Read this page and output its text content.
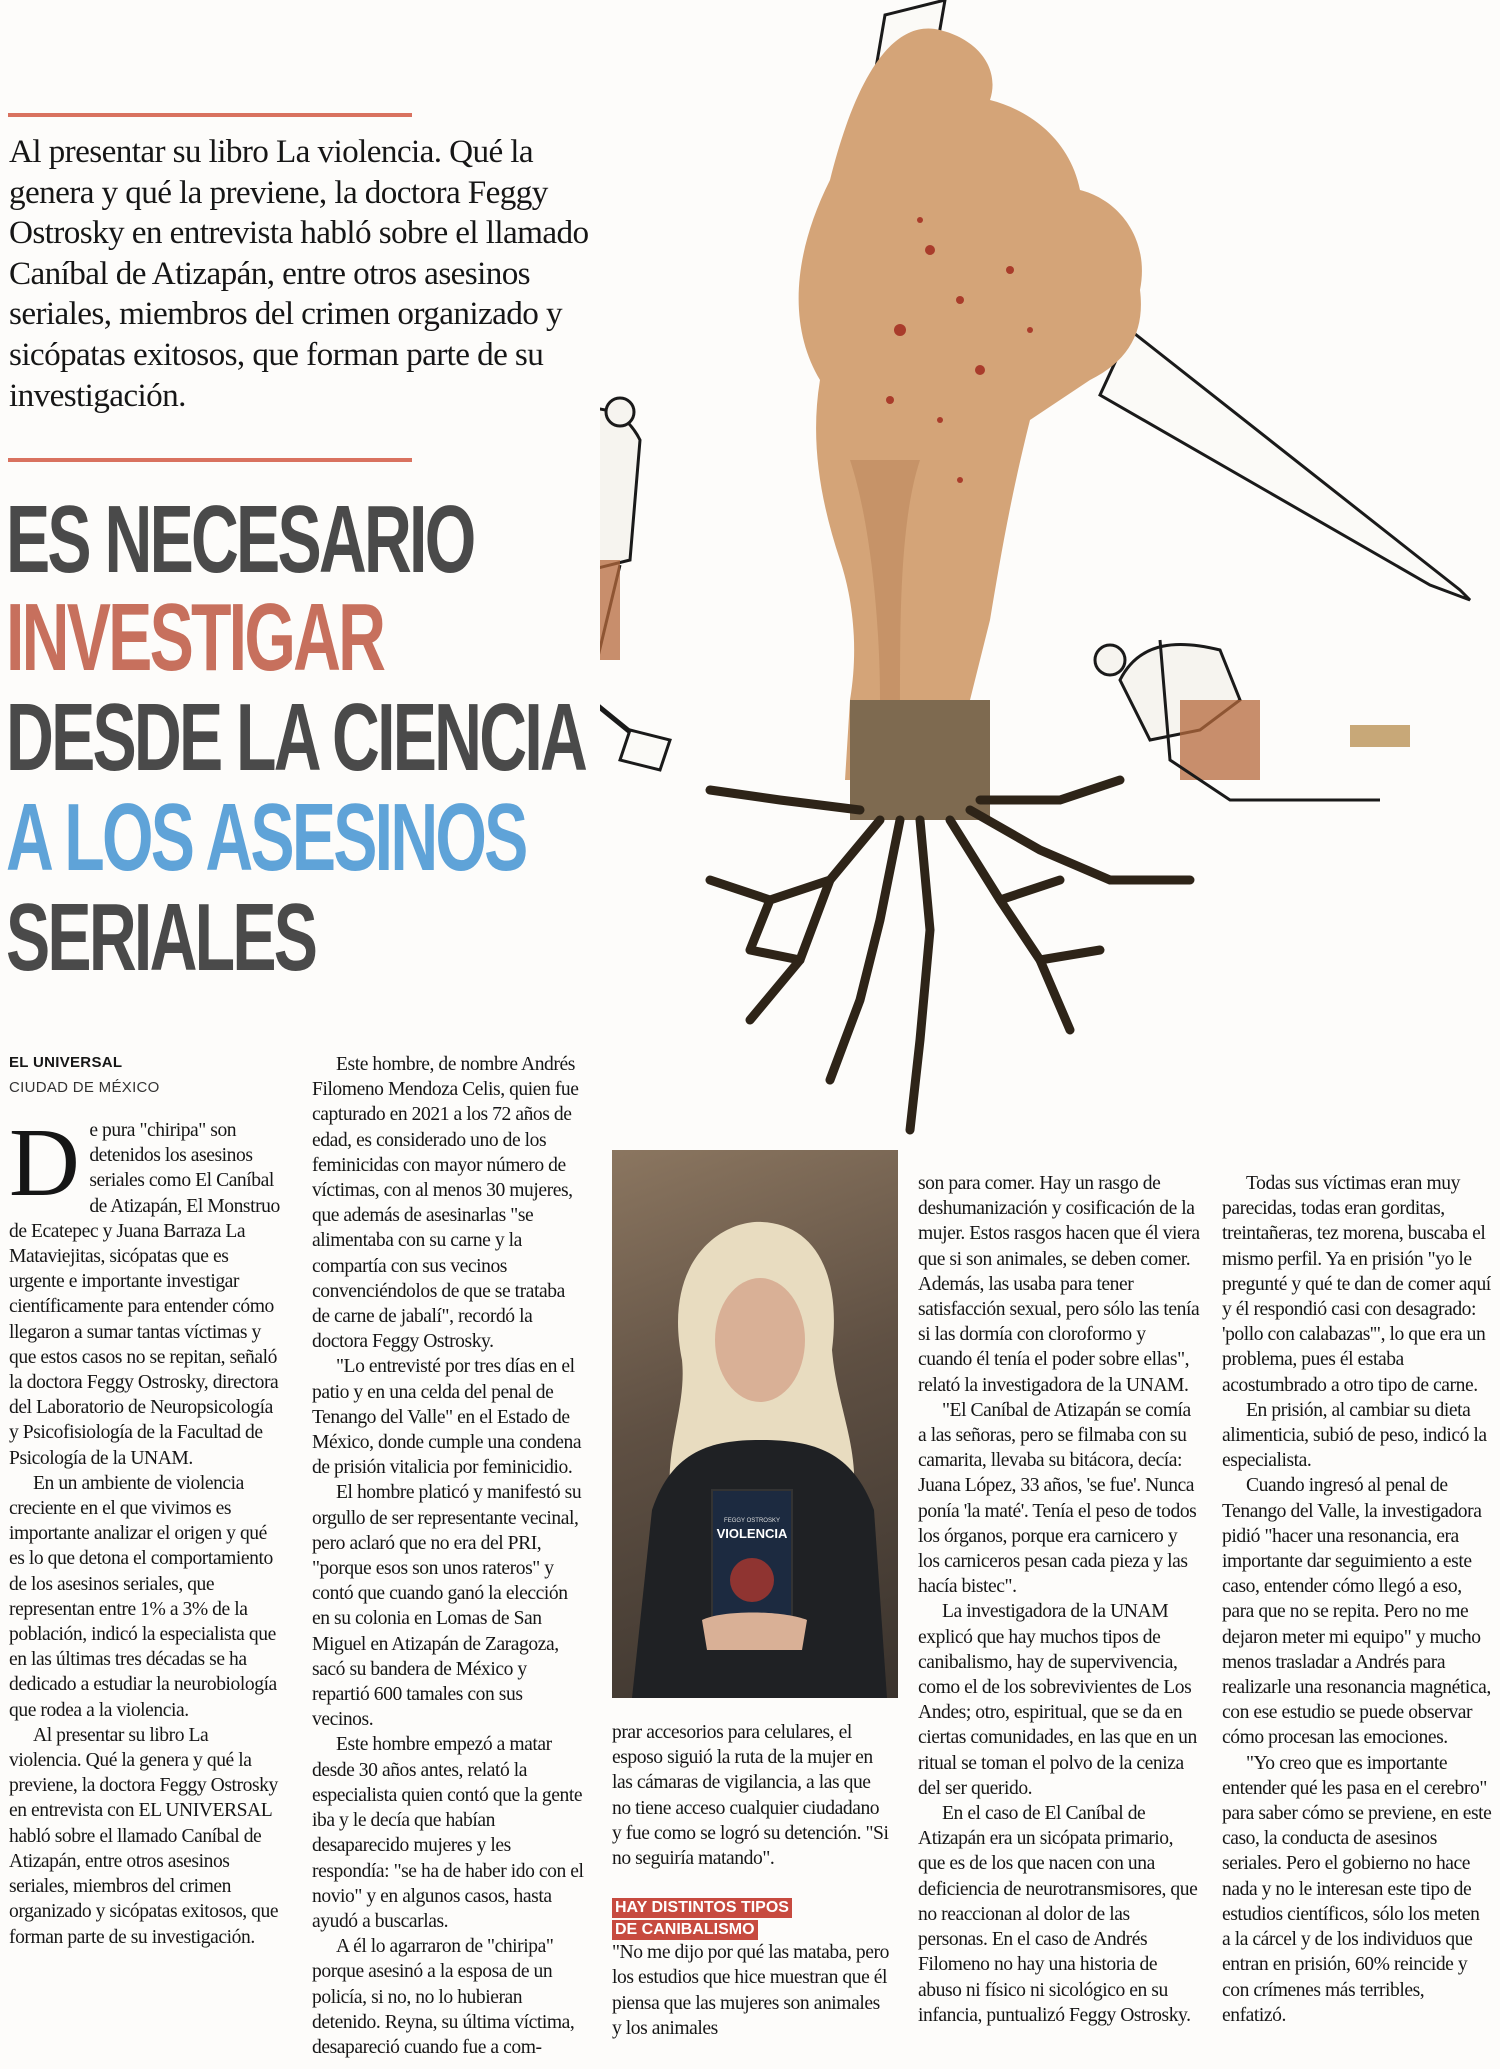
Al presentar su libro La violencia. Qué la genera y qué la previene, la doctora Feggy Ostrosky en entrevista habló sobre el llamado Caníbal de Atizapán, entre otros asesinos seriales, miembros del crimen organizado y sicópatas exitosos, que forman parte de su investigación.
ES NECESARIO
INVESTIGAR
DESDE LA CIENCIA
A LOS ASESINOS
SERIALES
EL UNIVERSAL
CIUDAD DE MÉXICO

De pura "chiripa" son detenidos los asesinos seriales como El Caníbal de Atizapán, El Monstruo de Ecatepec y Juana Barraza La Mataviejitas, sicópatas que es urgente e importante investigar científicamente para entender cómo llegaron a sumar tantas víctimas y que estos casos no se repitan, señaló la doctora Feggy Ostrosky, directora del Laboratorio de Neuropsicología y Psicofisiología de la Facultad de Psicología de la UNAM.

En un ambiente de violencia creciente en el que vivimos es importante analizar el origen y qué es lo que detona el comportamiento de los asesinos seriales, que representan entre 1% a 3% de la población, indicó la especialista que en las últimas tres décadas se ha dedicado a estudiar la neurobiología que rodea a la violencia.

Al presentar su libro La violencia. Qué la genera y qué la previene, la doctora Feggy Ostrosky en entrevista con EL UNIVERSAL habló sobre el llamado Caníbal de Atizapán, entre otros asesinos seriales, miembros del crimen organizado y sicópatas exitosos, que forman parte de su investigación.

Este hombre, de nombre Andrés Filomeno Mendoza Celis, quien fue capturado en 2021 a los 72 años de edad, es considerado uno de los feminicidas con mayor número de víctimas, con al menos 30 mujeres, que además de asesinarlas "se alimentaba con su carne y la compartía con sus vecinos convenciéndolos de que se trataba de carne de jabalí", recordó la doctora Feggy Ostrosky.

"Lo entrevisté por tres días en el patio y en una celda del penal de Tenango del Valle" en el Estado de México, donde cumple una condena de prisión vitalicia por feminicidio.

El hombre platicó y manifestó su orgullo de ser representante vecinal, pero aclaró que no era del PRI, "porque esos son unos rateros" y contó que cuando ganó la elección en su colonia en Lomas de San Miguel en Atizapán de Zaragoza, sacó su bandera de México y repartió 600 tamales con sus vecinos.

Este hombre empezó a matar desde 30 años antes, relató la especialista quien contó que la gente iba y le decía que habían desaparecido mujeres y les respondía: "se ha de haber ido con el novio" y en algunos casos, hasta ayudó a buscarlas.

A él lo agarraron de "chiripa" porque asesinó a la esposa de un policía, si no, no lo hubieran detenido. Reyna, su última víctima, desapareció cuando fue a com-

FEGGY OSTROSKY
VIOLENCIA

prar accesorios para celulares, el esposo siguió la ruta de la mujer en las cámaras de vigilancia, a las que no tiene acceso cualquier ciudadano y fue como se logró su detención. "Si no seguiría matando".

HAY DISTINTOS TIPOS
DE CANIBALISMO

"No me dijo por qué las mataba, pero los estudios que hice muestran que él piensa que las mujeres son animales y los animales

son para comer. Hay un rasgo de deshumanización y cosificación de la mujer. Estos rasgos hacen que él viera que si son animales, se deben comer. Además, las usaba para tener satisfacción sexual, pero sólo las tenía si las dormía con cloroformo y cuando él tenía el poder sobre ellas", relató la investigadora de la UNAM.

"El Caníbal de Atizapán se comía a las señoras, pero se filmaba con su camarita, llevaba su bitácora, decía: Juana López, 33 años, 'se fue'. Nunca ponía 'la maté'. Tenía el peso de todos los órganos, porque era carnicero y los carniceros pesan cada pieza y las hacía bistec".

La investigadora de la UNAM explicó que hay muchos tipos de canibalismo, hay de supervivencia, como el de los sobrevivientes de Los Andes; otro, espiritual, que se da en ciertas comunidades, en las que en un ritual se toman el polvo de la ceniza del ser querido.

En el caso de El Caníbal de Atizapán era un sicópata primario, que es de los que nacen con una deficiencia de neurotransmisores, que no reaccionan al dolor de las personas. En el caso de Andrés Filomeno no hay una historia de abuso ni físico ni sicológico en su infancia, puntualizó Feggy Ostrosky.

Todas sus víctimas eran muy parecidas, todas eran gorditas, treintañeras, tez morena, buscaba el mismo perfil. Ya en prisión "yo le pregunté y qué te dan de comer aquí y él respondió casi con desagrado: 'pollo con calabazas'", lo que era un problema, pues él estaba acostumbrado a otro tipo de carne.

En prisión, al cambiar su dieta alimenticia, subió de peso, indicó la especialista.

Cuando ingresó al penal de Tenango del Valle, la investigadora pidió "hacer una resonancia, era importante dar seguimiento a este caso, entender cómo llegó a eso, para que no se repita. Pero no me dejaron meter mi equipo" y mucho menos trasladar a Andrés para realizarle una resonancia magnética, con ese estudio se puede observar cómo procesan las emociones.

"Yo creo que es importante entender qué les pasa en el cerebro" para saber cómo se previene, en este caso, la conducta de asesinos seriales. Pero el gobierno no hace nada y no le interesan este tipo de estudios científicos, sólo los meten a la cárcel y de los individuos que entran en prisión, 60% reincide y con crímenes más terribles, enfatizó.
